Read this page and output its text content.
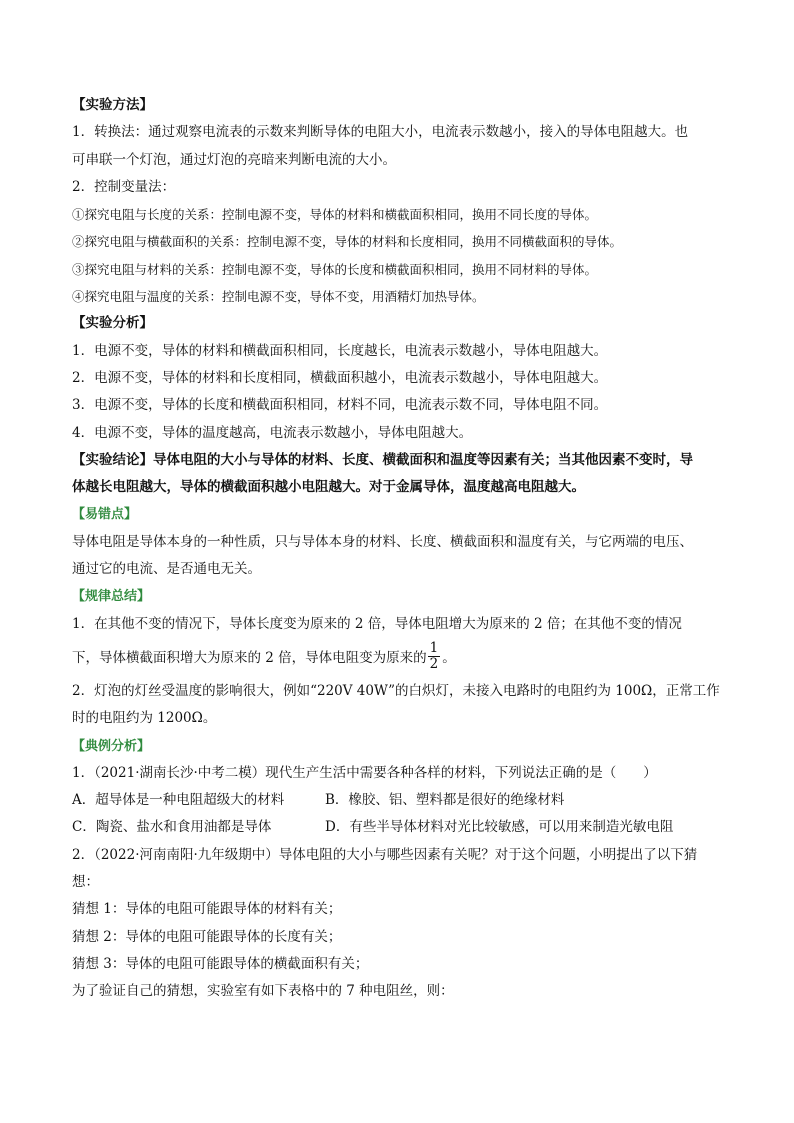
【实验方法】
1．转换法：通过观察电流表的示数来判断导体的电阻大小，电流表示数越小，接入的导体电阻越大。也
可串联一个灯泡，通过灯泡的亮暗来判断电流的大小。
2．控制变量法：
①探究电阻与长度的关系：控制电源不变，导体的材料和横截面积相同，换用不同长度的导体。
②探究电阻与横截面积的关系：控制电源不变，导体的材料和长度相同，换用不同横截面积的导体。
③探究电阻与材料的关系：控制电源不变，导体的长度和横截面积相同，换用不同材料的导体。
④探究电阻与温度的关系：控制电源不变，导体不变，用酒精灯加热导体。
【实验分析】
1．电源不变，导体的材料和横截面积相同，长度越长，电流表示数越小，导体电阻越大。
2．电源不变，导体的材料和长度相同，横截面积越小，电流表示数越小，导体电阻越大。
3．电源不变，导体的长度和横截面积相同，材料不同，电流表示数不同，导体电阻不同。
4．电源不变，导体的温度越高，电流表示数越小，导体电阻越大。
【实验结论】导体电阻的大小与导体的材料、长度、横截面积和温度等因素有关；当其他因素不变时，导
体越长电阻越大，导体的横截面积越小电阻越大。对于金属导体，温度越高电阻越大。
【易错点】
导体电阻是导体本身的一种性质，只与导体本身的材料、长度、横截面积和温度有关，与它两端的电压、
通过它的电流、是否通电无关。
【规律总结】
1．在其他不变的情况下，导体长度变为原来的 2 倍，导体电阻增大为原来的 2 倍；在其他不变的情况
下，导体横截面积增大为原来的 2 倍，导体电阻变为原来的 $\frac{1}{2}$ 。
2．灯泡的灯丝受温度的影响很大，例如“220V 40W”的白炽灯，未接入电路时的电阻约为 100Ω，正常工作
时的电阻约为 1200Ω。
【典例分析】
1．（2021·湖南长沙·中考二模）现代生产生活中需要各种各样的材料，下列说法正确的是（　　）
A．超导体是一种电阻超级大的材料	B．橡胶、铝、塑料都是很好的绝缘材料
C．陶瓷、盐水和食用油都是导体	D．有些半导体材料对光比较敏感，可以用来制造光敏电阻
2．（2022·河南南阳·九年级期中）导体电阻的大小与哪些因素有关呢？对于这个问题，小明提出了以下猜
想：
猜想 1：导体的电阻可能跟导体的材料有关；
猜想 2：导体的电阻可能跟导体的长度有关；
猜想 3：导体的电阻可能跟导体的横截面积有关；
为了验证自己的猜想，实验室有如下表格中的 7 种电阻丝，则：
